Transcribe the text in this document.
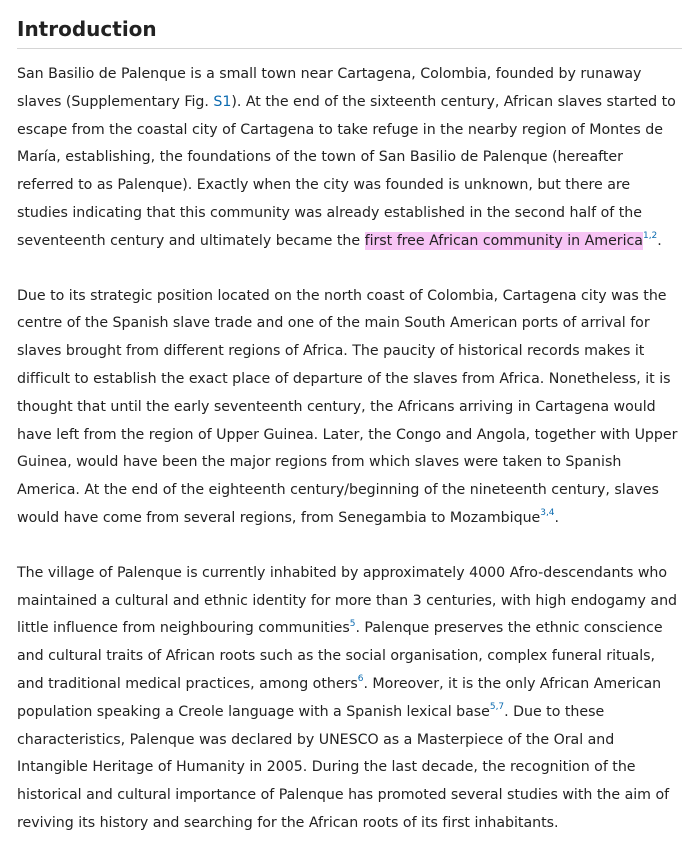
Introduction

San Basilio de Palenque is a small town near Cartagena, Colombia, founded by runaway slaves (Supplementary Fig. S1). At the end of the sixteenth century, African slaves started to escape from the coastal city of Cartagena to take refuge in the nearby region of Montes de María, establishing, the foundations of the town of San Basilio de Palenque (hereafter referred to as Palenque). Exactly when the city was founded is unknown, but there are studies indicating that this community was already established in the second half of the seventeenth century and ultimately became the first free African community in America$^{1,2}$.

Due to its strategic position located on the north coast of Colombia, Cartagena city was the centre of the Spanish slave trade and one of the main South American ports of arrival for slaves brought from different regions of Africa. The paucity of historical records makes it difficult to establish the exact place of departure of the slaves from Africa. Nonetheless, it is thought that until the early seventeenth century, the Africans arriving in Cartagena would have left from the region of Upper Guinea. Later, the Congo and Angola, together with Upper Guinea, would have been the major regions from which slaves were taken to Spanish America. At the end of the eighteenth century/beginning of the nineteenth century, slaves would have come from several regions, from Senegambia to Mozambique$^{3,4}$.

The village of Palenque is currently inhabited by approximately 4000 Afro-descendants who maintained a cultural and ethnic identity for more than 3 centuries, with high endogamy and little influence from neighbouring communities$^5$. Palenque preserves the ethnic conscience and cultural traits of African roots such as the social organisation, complex funeral rituals, and traditional medical practices, among others$^6$. Moreover, it is the only African American population speaking a Creole language with a Spanish lexical base$^{5,7}$. Due to these characteristics, Palenque was declared by UNESCO as a Masterpiece of the Oral and Intangible Heritage of Humanity in 2005. During the last decade, the recognition of the historical and cultural importance of Palenque has promoted several studies with the aim of reviving its history and searching for the African roots of its first inhabitants.
